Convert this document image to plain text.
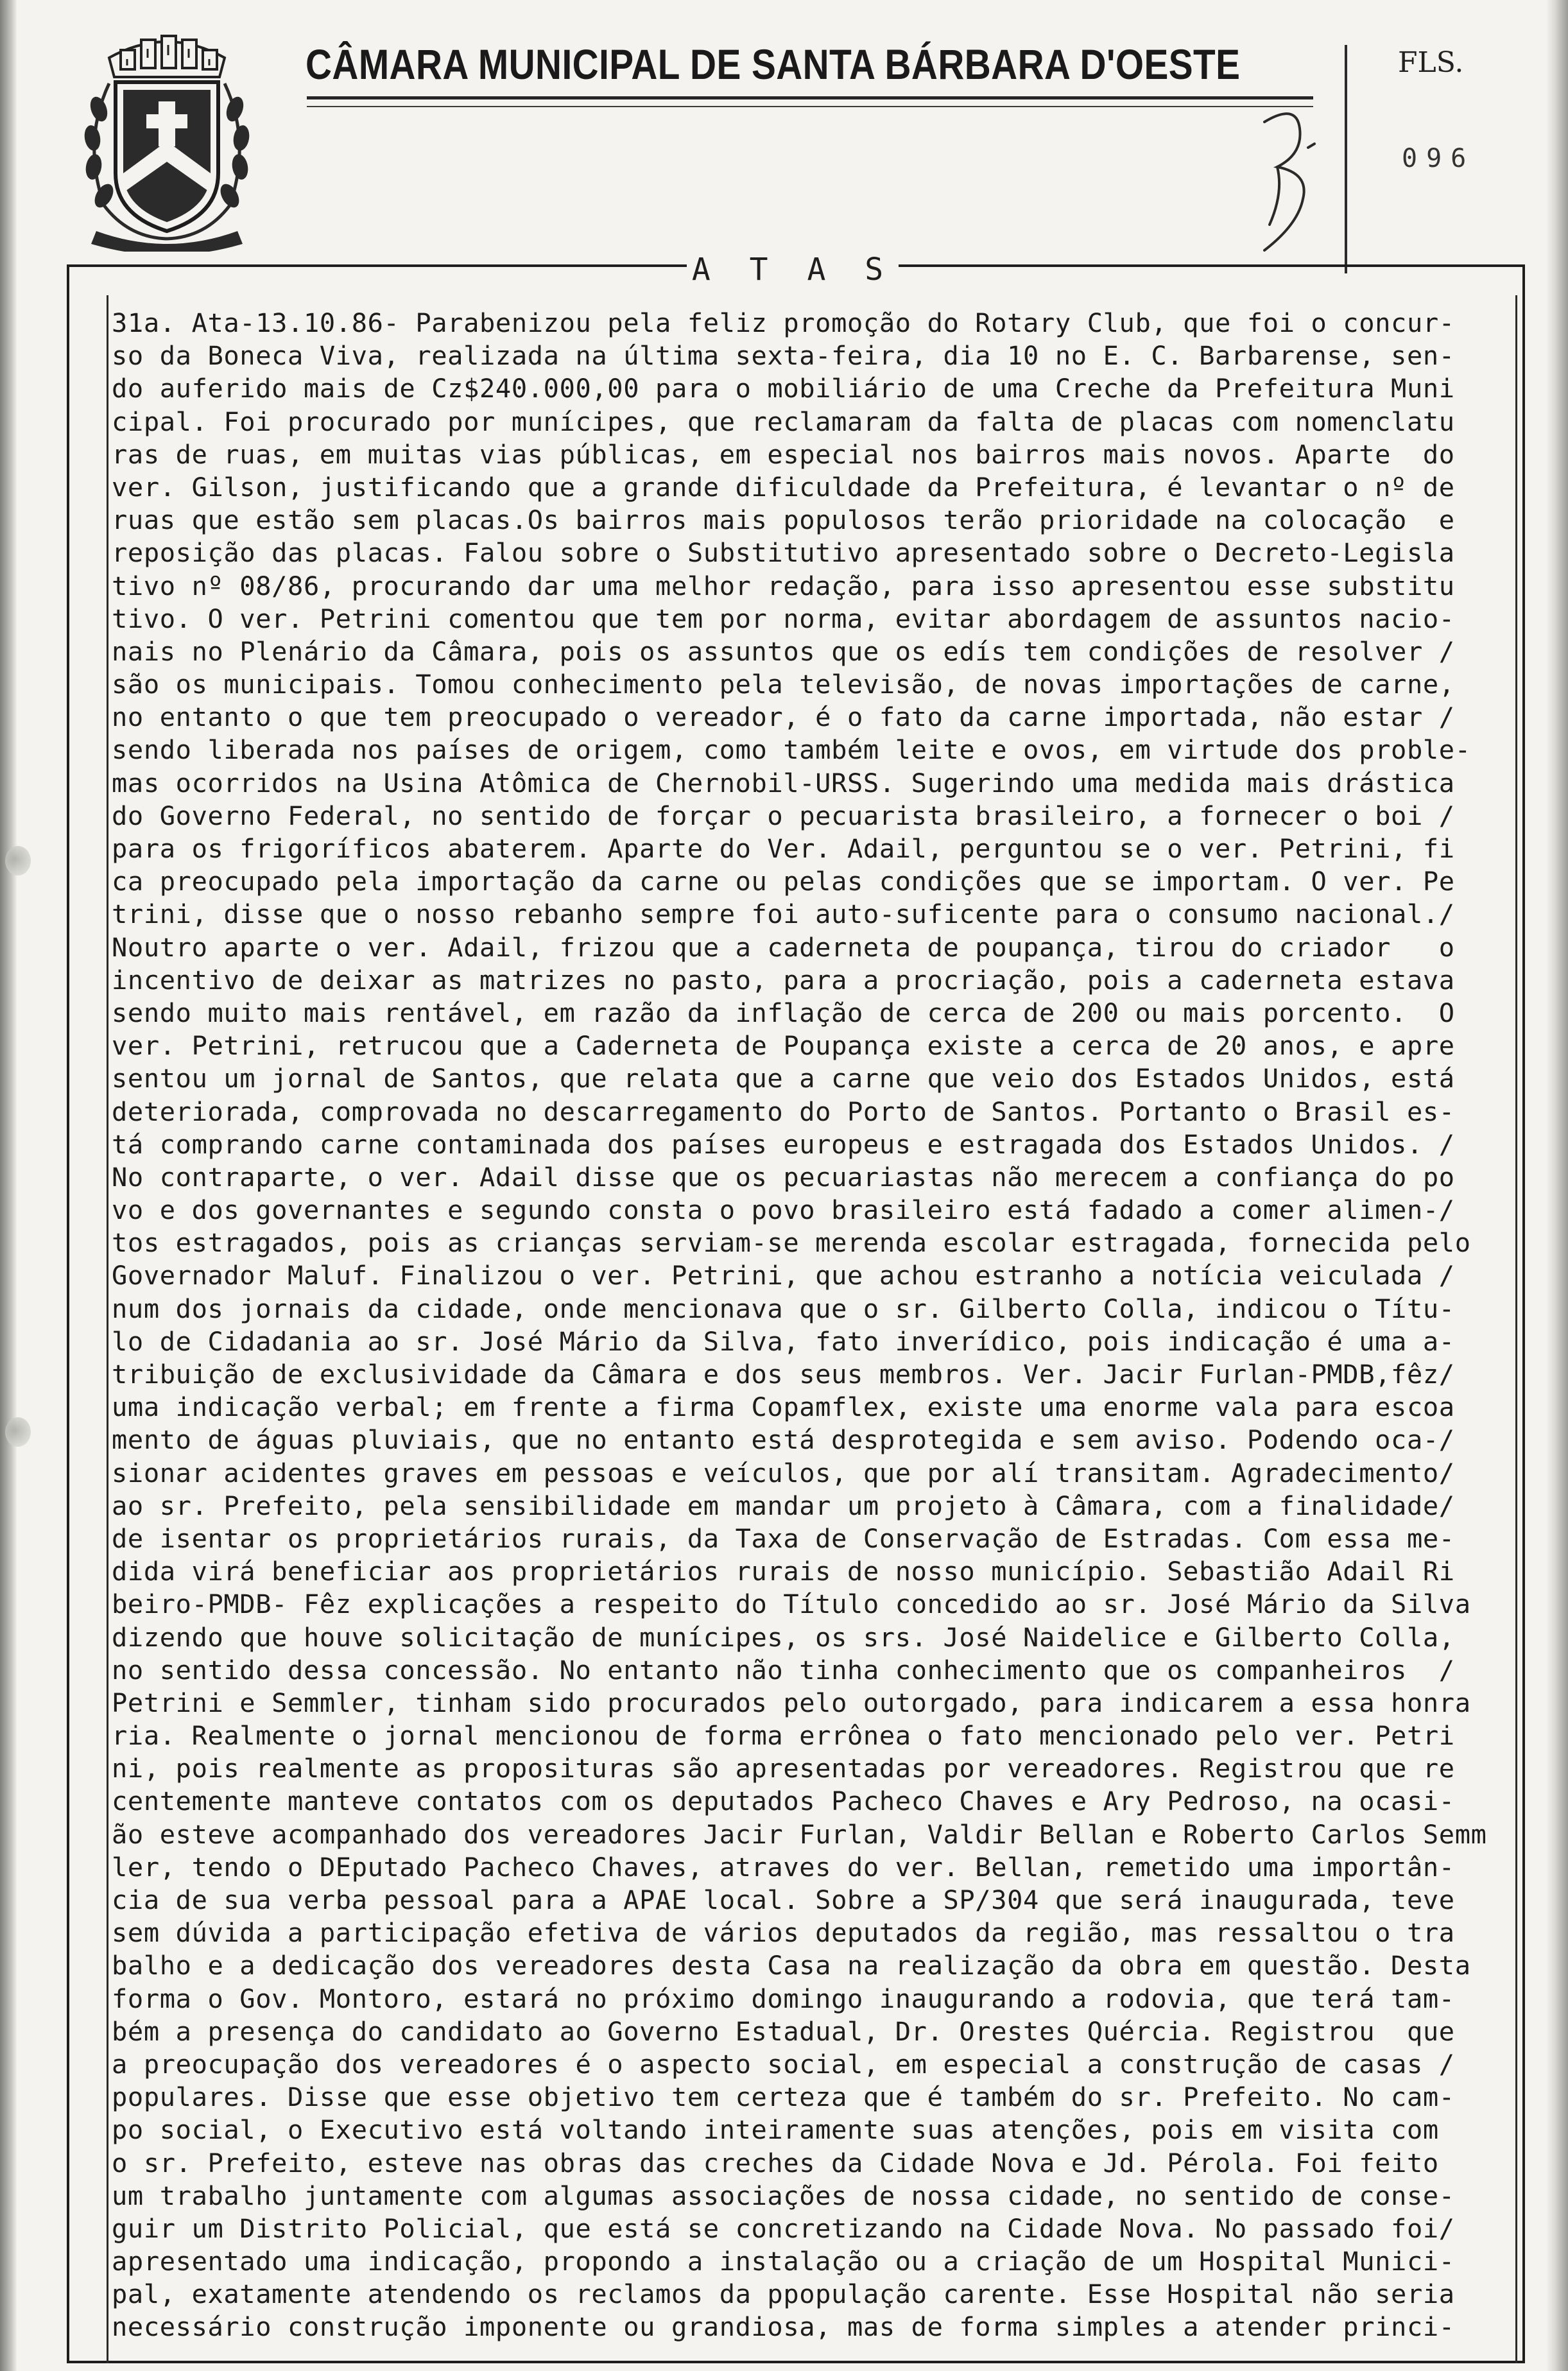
CÂMARA MUNICIPAL DE SANTA BÁRBARA D'OESTE	FLS.
096
A T A S
31a. Ata-13.10.86- Parabenizou pela feliz promoção do Rotary Club, que foi o concur-
so da Boneca Viva, realizada na última sexta-feira, dia 10 no E. C. Barbarense, sen-
do auferido mais de Cz$240.000,00 para o mobiliário de uma Creche da Prefeitura Muni
cipal. Foi procurado por munícipes, que reclamaram da falta de placas com nomenclatu
ras de ruas, em muitas vias públicas, em especial nos bairros mais novos. Aparte  do
ver. Gilson, justificando que a grande dificuldade da Prefeitura, é levantar o nº de
ruas que estão sem placas.Os bairros mais populosos terão prioridade na colocação  e
reposição das placas. Falou sobre o Substitutivo apresentado sobre o Decreto-Legisla
tivo nº 08/86, procurando dar uma melhor redação, para isso apresentou esse substitu
tivo. O ver. Petrini comentou que tem por norma, evitar abordagem de assuntos nacio-
nais no Plenário da Câmara, pois os assuntos que os edís tem condições de resolver /
são os municipais. Tomou conhecimento pela televisão, de novas importações de carne,
no entanto o que tem preocupado o vereador, é o fato da carne importada, não estar /
sendo liberada nos países de origem, como também leite e ovos, em virtude dos proble-
mas ocorridos na Usina Atômica de Chernobil-URSS. Sugerindo uma medida mais drástica
do Governo Federal, no sentido de forçar o pecuarista brasileiro, a fornecer o boi /
para os frigoríficos abaterem. Aparte do Ver. Adail, perguntou se o ver. Petrini, fi
ca preocupado pela importação da carne ou pelas condições que se importam. O ver. Pe
trini, disse que o nosso rebanho sempre foi auto-suficente para o consumo nacional./
Noutro aparte o ver. Adail, frizou que a caderneta de poupança, tirou do criador   o
incentivo de deixar as matrizes no pasto, para a procriação, pois a caderneta estava
sendo muito mais rentável, em razão da inflação de cerca de 200 ou mais porcento.  O
ver. Petrini, retrucou que a Caderneta de Poupança existe a cerca de 20 anos, e apre
sentou um jornal de Santos, que relata que a carne que veio dos Estados Unidos, está
deteriorada, comprovada no descarregamento do Porto de Santos. Portanto o Brasil es-
tá comprando carne contaminada dos países europeus e estragada dos Estados Unidos. /
No contraparte, o ver. Adail disse que os pecuariastas não merecem a confiança do po
vo e dos governantes e segundo consta o povo brasileiro está fadado a comer alimen-/
tos estragados, pois as crianças serviam-se merenda escolar estragada, fornecida pelo
Governador Maluf. Finalizou o ver. Petrini, que achou estranho a notícia veiculada /
num dos jornais da cidade, onde mencionava que o sr. Gilberto Colla, indicou o Títu-
lo de Cidadania ao sr. José Mário da Silva, fato inverídico, pois indicação é uma a-
tribuição de exclusividade da Câmara e dos seus membros. Ver. Jacir Furlan-PMDB,fêz/
uma indicação verbal; em frente a firma Copamflex, existe uma enorme vala para escoa
mento de águas pluviais, que no entanto está desprotegida e sem aviso. Podendo oca-/
sionar acidentes graves em pessoas e veículos, que por alí transitam. Agradecimento/
ao sr. Prefeito, pela sensibilidade em mandar um projeto à Câmara, com a finalidade/
de isentar os proprietários rurais, da Taxa de Conservação de Estradas. Com essa me-
dida virá beneficiar aos proprietários rurais de nosso município. Sebastião Adail Ri
beiro-PMDB- Fêz explicações a respeito do Título concedido ao sr. José Mário da Silva
dizendo que houve solicitação de munícipes, os srs. José Naidelice e Gilberto Colla,
no sentido dessa concessão. No entanto não tinha conhecimento que os companheiros  /
Petrini e Semmler, tinham sido procurados pelo outorgado, para indicarem a essa honra
ria. Realmente o jornal mencionou de forma errônea o fato mencionado pelo ver. Petri
ni, pois realmente as proposituras são apresentadas por vereadores. Registrou que re
centemente manteve contatos com os deputados Pacheco Chaves e Ary Pedroso, na ocasi-
ão esteve acompanhado dos vereadores Jacir Furlan, Valdir Bellan e Roberto Carlos Semm
ler, tendo o DEputado Pacheco Chaves, atraves do ver. Bellan, remetido uma importân-
cia de sua verba pessoal para a APAE local. Sobre a SP/304 que será inaugurada, teve
sem dúvida a participação efetiva de vários deputados da região, mas ressaltou o tra
balho e a dedicação dos vereadores desta Casa na realização da obra em questão. Desta
forma o Gov. Montoro, estará no próximo domingo inaugurando a rodovia, que terá tam-
bém a presença do candidato ao Governo Estadual, Dr. Orestes Quércia. Registrou  que
a preocupação dos vereadores é o aspecto social, em especial a construção de casas /
populares. Disse que esse objetivo tem certeza que é também do sr. Prefeito. No cam-
po social, o Executivo está voltando inteiramente suas atenções, pois em visita com
o sr. Prefeito, esteve nas obras das creches da Cidade Nova e Jd. Pérola. Foi feito
um trabalho juntamente com algumas associações de nossa cidade, no sentido de conse-
guir um Distrito Policial, que está se concretizando na Cidade Nova. No passado foi/
apresentado uma indicação, propondo a instalação ou a criação de um Hospital Munici-
pal, exatamente atendendo os reclamos da ppopulação carente. Esse Hospital não seria
necessário construção imponente ou grandiosa, mas de forma simples a atender princi-
